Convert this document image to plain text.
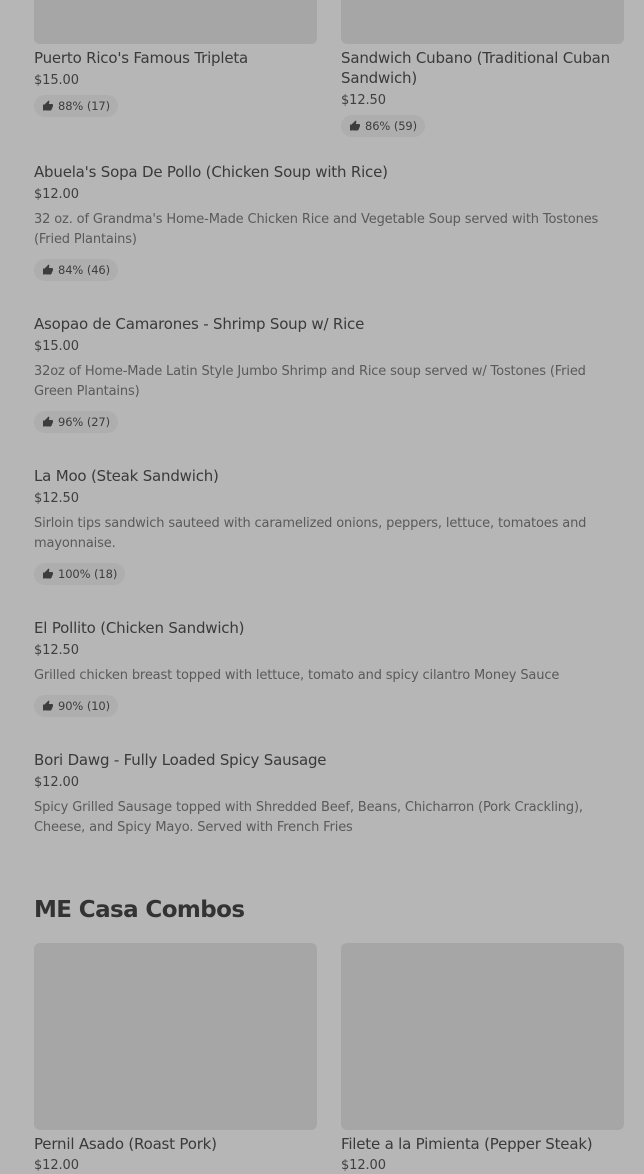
Puerto Rico's Famous Tripleta
$15.00
88% (17)
Sandwich Cubano (Traditional Cuban Sandwich)
$12.50
86% (59)
Abuela's Sopa De Pollo (Chicken Soup with Rice)
$12.00
32 oz. of Grandma's Home-Made Chicken Rice and Vegetable Soup served with Tostones (Fried Plantains)
84% (46)
Asopao de Camarones - Shrimp Soup w/ Rice
$15.00
32oz of Home-Made Latin Style Jumbo Shrimp and Rice soup served w/ Tostones (Fried Green Plantains)
96% (27)
La Moo (Steak Sandwich)
$12.50
Sirloin tips sandwich sauteed with caramelized onions, peppers, lettuce, tomatoes and mayonnaise.
100% (18)
El Pollito (Chicken Sandwich)
$12.50
Grilled chicken breast topped with lettuce, tomato and spicy cilantro Money Sauce
90% (10)
Bori Dawg - Fully Loaded Spicy Sausage
$12.00
Spicy Grilled Sausage topped with Shredded Beef, Beans, Chicharron (Pork Crackling), Cheese, and Spicy Mayo. Served with French Fries
ME Casa Combos
Pernil Asado (Roast Pork)
$12.00
Filete a la Pimienta (Pepper Steak)
$12.00
